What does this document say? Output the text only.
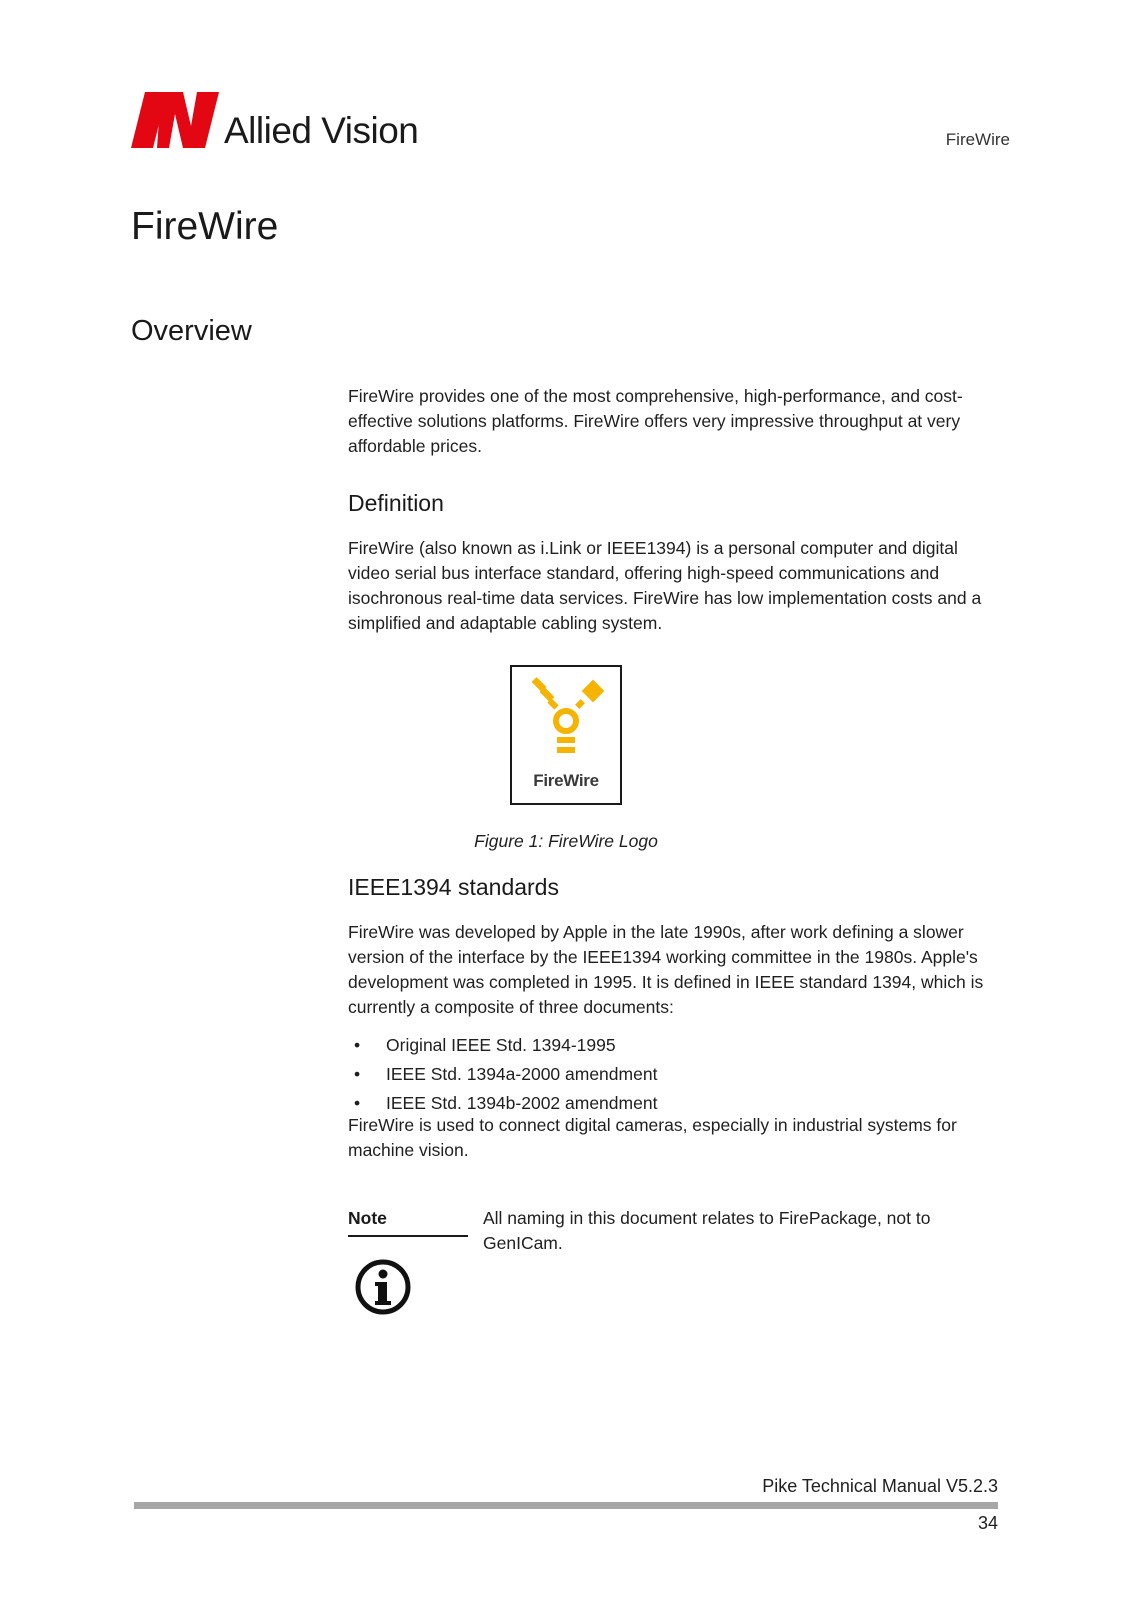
Allied Vision	FireWire
FireWire
Overview

FireWire provides one of the most comprehensive, high-performance, and cost-effective solutions platforms. FireWire offers very impressive throughput at very affordable prices.

Definition

FireWire (also known as i.Link or IEEE1394) is a personal computer and digital video serial bus interface standard, offering high-speed communications and isochronous real-time data services. FireWire has low implementation costs and a simplified and adaptable cabling system.

FireWire
Figure 1: FireWire Logo
IEEE1394 standards

FireWire was developed by Apple in the late 1990s, after work defining a slower version of the interface by the IEEE1394 working committee in the 1980s. Apple's development was completed in 1995. It is defined in IEEE standard 1394, which is currently a composite of three documents:

• Original IEEE Std. 1394-1995
• IEEE Std. 1394a-2000 amendment
• IEEE Std. 1394b-2002 amendment

FireWire is used to connect digital cameras, especially in industrial systems for machine vision.

Note	All naming in this document relates to FirePackage, not to GenICam.

Pike Technical Manual V5.2.3
34
